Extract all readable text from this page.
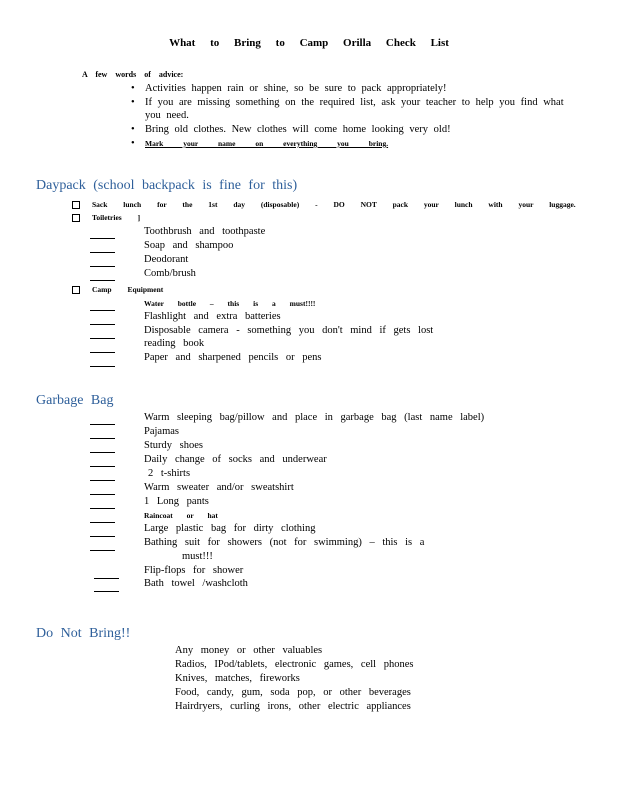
What to Bring to Camp Orilla Check List
A few words of advice:
• Activities happen rain or shine, so be sure to pack appropriately!
• If you are missing something on the required list, ask your teacher to help you find what you need.
• Bring old clothes. New clothes will come home looking very old!
• Mark your name on everything you bring.
Daypack (school backpack is fine for this)
Sack lunch for the 1st day (disposable) - DO NOT pack your lunch with your luggage.
Toiletries ]
Toothbrush and toothpaste
Soap and shampoo
Deodorant
Comb/brush
Camp Equipment
Water bottle – this is a must!!!!
Flashlight and extra batteries
Disposable camera - something you don't mind if gets lost
reading book
Paper and sharpened pencils or pens
Garbage Bag
Warm sleeping bag/pillow and place in garbage bag (last name label)
Pajamas
Sturdy shoes
Daily change of socks and underwear
2 t-shirts
Warm sweater and/or sweatshirt
1 Long pants
Raincoat or hat
Large plastic bag for dirty clothing
Bathing suit for showers (not for swimming) – this is a
must!!!
Flip-flops for shower
Bath towel /washcloth
Do Not Bring!!
Any money or other valuables
Radios, IPod/tablets, electronic games, cell phones
Knives, matches, fireworks
Food, candy, gum, soda pop, or other beverages
Hairdryers, curling irons, other electric appliances
